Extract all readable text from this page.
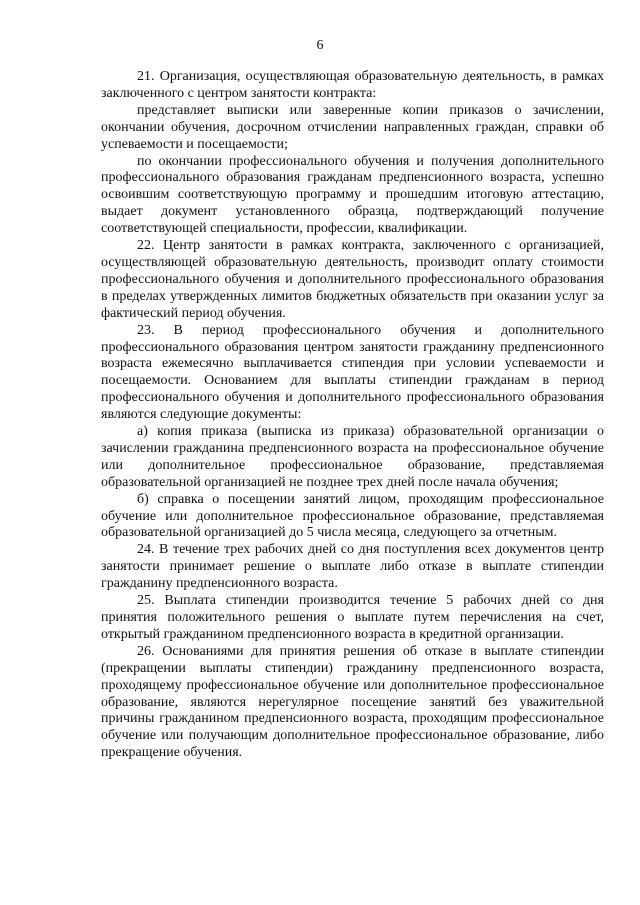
6

21. Организация, осуществляющая образовательную деятельность, в рамках заключенного с центром занятости контракта:

представляет выписки или заверенные копии приказов о зачислении, окончании обучения, досрочном отчислении направленных граждан, справки об успеваемости и посещаемости;

по окончании профессионального обучения и получения дополнительного профессионального образования гражданам предпенсионного возраста, успешно освоившим соответствующую программу и прошедшим итоговую аттестацию, выдает документ установленного образца, подтверждающий получение соответствующей специальности, профессии, квалификации.

22. Центр занятости в рамках контракта, заключенного с организацией, осуществляющей образовательную деятельность, производит оплату стоимости профессионального обучения и дополнительного профессионального образования в пределах утвержденных лимитов бюджетных обязательств при оказании услуг за фактический период обучения.

23. В период профессионального обучения и дополнительного профессионального образования центром занятости гражданину предпенсионного возраста ежемесячно выплачивается стипендия при условии успеваемости и посещаемости. Основанием для выплаты стипендии гражданам в период профессионального обучения и дополнительного профессионального образования являются следующие документы:

а) копия приказа (выписка из приказа) образовательной организации о зачислении гражданина предпенсионного возраста на профессиональное обучение или дополнительное профессиональное образование, представляемая образовательной организацией не позднее трех дней после начала обучения;

б) справка о посещении занятий лицом, проходящим профессиональное обучение или дополнительное профессиональное образование, представляемая образовательной организацией до 5 числа месяца, следующего за отчетным.

24. В течение трех рабочих дней со дня поступления всех документов центр занятости принимает решение о выплате либо отказе в выплате стипендии гражданину предпенсионного возраста.

25. Выплата стипендии производится течение 5 рабочих дней со дня принятия положительного решения о выплате путем перечисления на счет, открытый гражданином предпенсионного возраста в кредитной организации.

26. Основаниями для принятия решения об отказе в выплате стипендии (прекращении выплаты стипендии) гражданину предпенсионного возраста, проходящему профессиональное обучение или дополнительное профессиональное образование, являются нерегулярное посещение занятий без уважительной причины гражданином предпенсионного возраста, проходящим профессиональное обучение или получающим дополнительное профессиональное образование, либо прекращение обучения.
